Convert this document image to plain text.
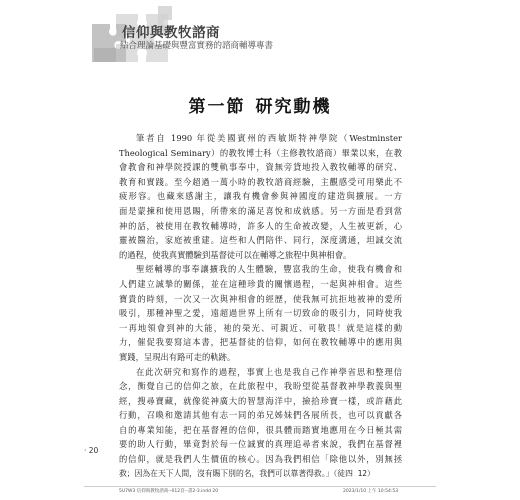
信仰與教牧諮商
結合理論基礎與豐富實務的諮商輔導專書
第一節 研究動機
筆者自 1990 年從美國賓州的西敏斯特神學院（Westminster
Theological Seminary）的教牧博士科（主修教牧諮商）畢業以來，在教
會教會和神學院授課的雙軌事奉中，資無旁貸地投入教牧輔導的研究、
教育和實踐。至今超過一萬小時的教牧諮商經驗，主觀感受可用樂此不
疲形容。也藏來感謝主，讓我有機會參與神國度的建造與擴展。一方
面是蒙揀和使用恩賜，所帶來的滿足喜悅和成就感。另一方面是看到當
神的話，被使用在教牧輔導時，許多人的生命被改變，人生被更新，心
靈被醫治，家庭被重建。這些和人們陪伴、同行，深度溝通，坦誠交流
的過程，使我真實體驗到基督徒可以在輔導之旅程中與神相會。
聖經輔導的事奉讓擴我的人生體驗，豐富我的生命，使我有機會和
人們建立誠摯的關係，並在這種珍貴的關懷過程，一起與神相會。這些
寶貴的時刻，一次又一次與神相會的經歷，使我無可抗拒地被神的愛所
吸引，那種神聖之愛，遠超過世界上所有一切致命的吸引力，同時使我
一再地領會到神的大能，祂的榮光、可親近、可敬畏！就是這樣的動
力，催促我要寫這本書，把基督徒的信仰，如何在教牧輔導中的應用與
實踐，呈現出有路可走的軌跡。
在此次研究和寫作的過程，事實上也是我自己作神學省思和整理信
念，衡覺自己的信仰之旅，在此旅程中，我盼望從基督教神學教義與聖
經，搜尋寶藏，就像從神廣大的智慧海洋中，撿拾珍寶一樣，或許藉此
行動，召喚和邀請其他有志一同的弟兄姊妹們各展所長，也可以貢獻各
自的專業知能，把在基督裡的信仰，很具體而踏實地應用在今日極其需
要的助人行動，畢竟對於每一位誠實的真理追尋者來說，我們在基督裡
的信仰，就是我們人生價值的核心。因為我們相信「除他以外，別無拯
救；因為在天下人間，沒有賜下別的名，我們可以靠著得救。」（徒四 12）
‧ 20
5U7W3 信仰與教牧諮商--012頁--書2-3.indd 20	2023/1/10 上午 10:54:53
